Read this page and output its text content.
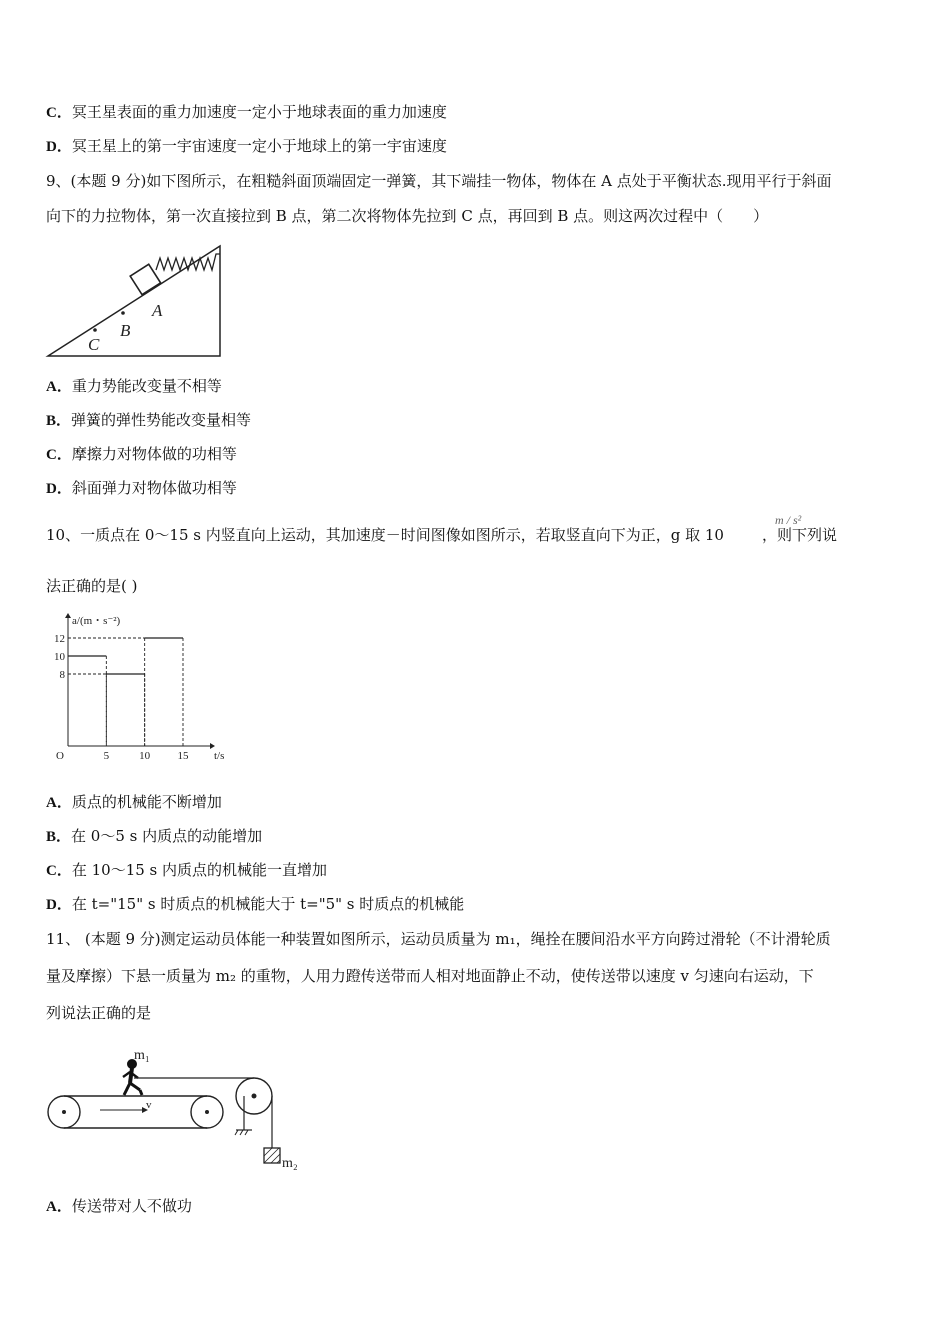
C．冥王星表面的重力加速度一定小于地球表面的重力加速度
D．冥王星上的第一宇宙速度一定小于地球上的第一宇宙速度
9、(本题 9 分)如下图所示，在粗糙斜面顶端固定一弹簧，其下端挂一物体，物体在 A 点处于平衡状态.现用平行于斜面
向下的力拉物体，第一次直接拉到 B 点，第二次将物体先拉到 C 点，再回到 B 点。则这两次过程中（　　）
A
B
C
A．重力势能改变量不相等
B．弹簧的弹性势能改变量相等
C．摩擦力对物体做的功相等
D．斜面弹力对物体做功相等
10、一质点在 0～15 s 内竖直向上运动，其加速度－时间图像如图所示，若取竖直向下为正，g 取 10	，则下列说
m / s²
法正确的是( )
a/(m・s⁻²)
t/s
O
8
10
12
5	10 15
A．质点的机械能不断增加
B．在 0～5 s 内质点的动能增加
C．在 10～15 s 内质点的机械能一直增加
D．在 t="15" s 时质点的机械能大于 t="5" s 时质点的机械能
11、 (本题 9 分)测定运动员体能一种装置如图所示，运动员质量为 m₁，绳拴在腰间沿水平方向跨过滑轮（不计滑轮质
量及摩擦）下悬一质量为 m₂ 的重物，人用力蹬传送带而人相对地面静止不动，使传送带以速度 v 匀速向右运动，下
列说法正确的是
v
m₁
m₂
A．传送带对人不做功
